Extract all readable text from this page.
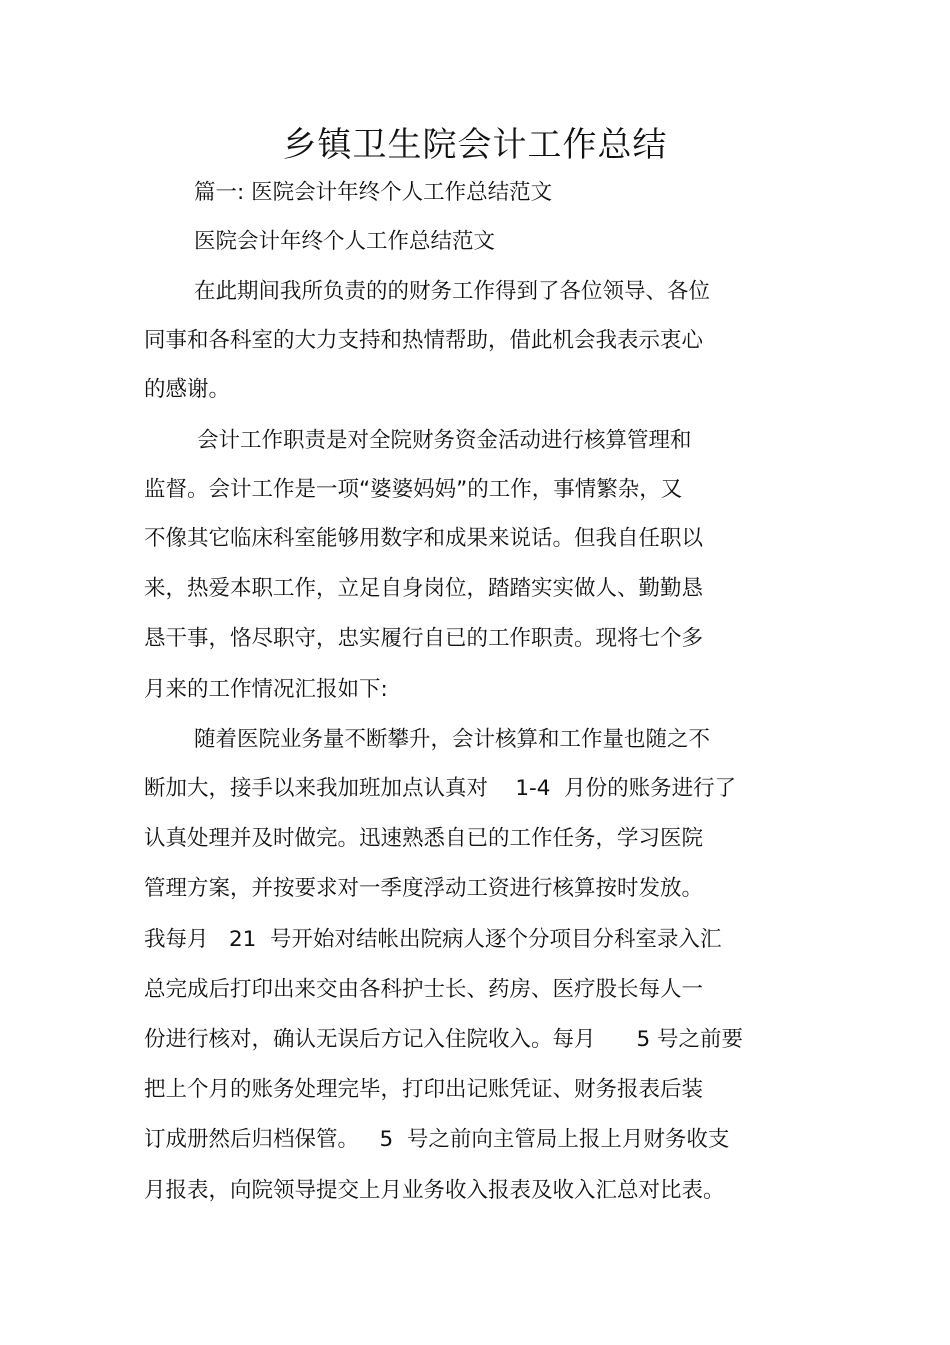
乡镇卫生院会计工作总结

篇一: 医院会计年终个人工作总结范文

医院会计年终个人工作总结范文

在此期间我所负责的的财务工作得到了各位领导、各位

同事和各科室的大力支持和热情帮助，借此机会我表示衷心

的感谢。

会计工作职责是对全院财务资金活动进行核算管理和

监督。会计工作是一项“婆婆妈妈”的工作，事情繁杂，又

不像其它临床科室能够用数字和成果来说话。但我自任职以

来，热爱本职工作，立足自身岗位，踏踏实实做人、勤勤恳

恳干事，恪尽职守，忠实履行自已的工作职责。现将七个多

月来的工作情况汇报如下:

随着医院业务量不断攀升，会计核算和工作量也随之不

断加大，接手以来我加班加点认真对    1-4  月份的账务进行了

认真处理并及时做完。迅速熟悉自已的工作任务，学习医院

管理方案，并按要求对一季度浮动工资进行核算按时发放。

我每月   21  号开始对结帐出院病人逐个分项目分科室录入汇

总完成后打印出来交由各科护士长、药房、医疗股长每人一

份进行核对，确认无误后方记入住院收入。每月      5 号之前要

把上个月的账务处理完毕，打印出记账凭证、财务报表后装

订成册然后归档保管。   5  号之前向主管局上报上月财务收支

月报表，向院领导提交上月业务收入报表及收入汇总对比表。
